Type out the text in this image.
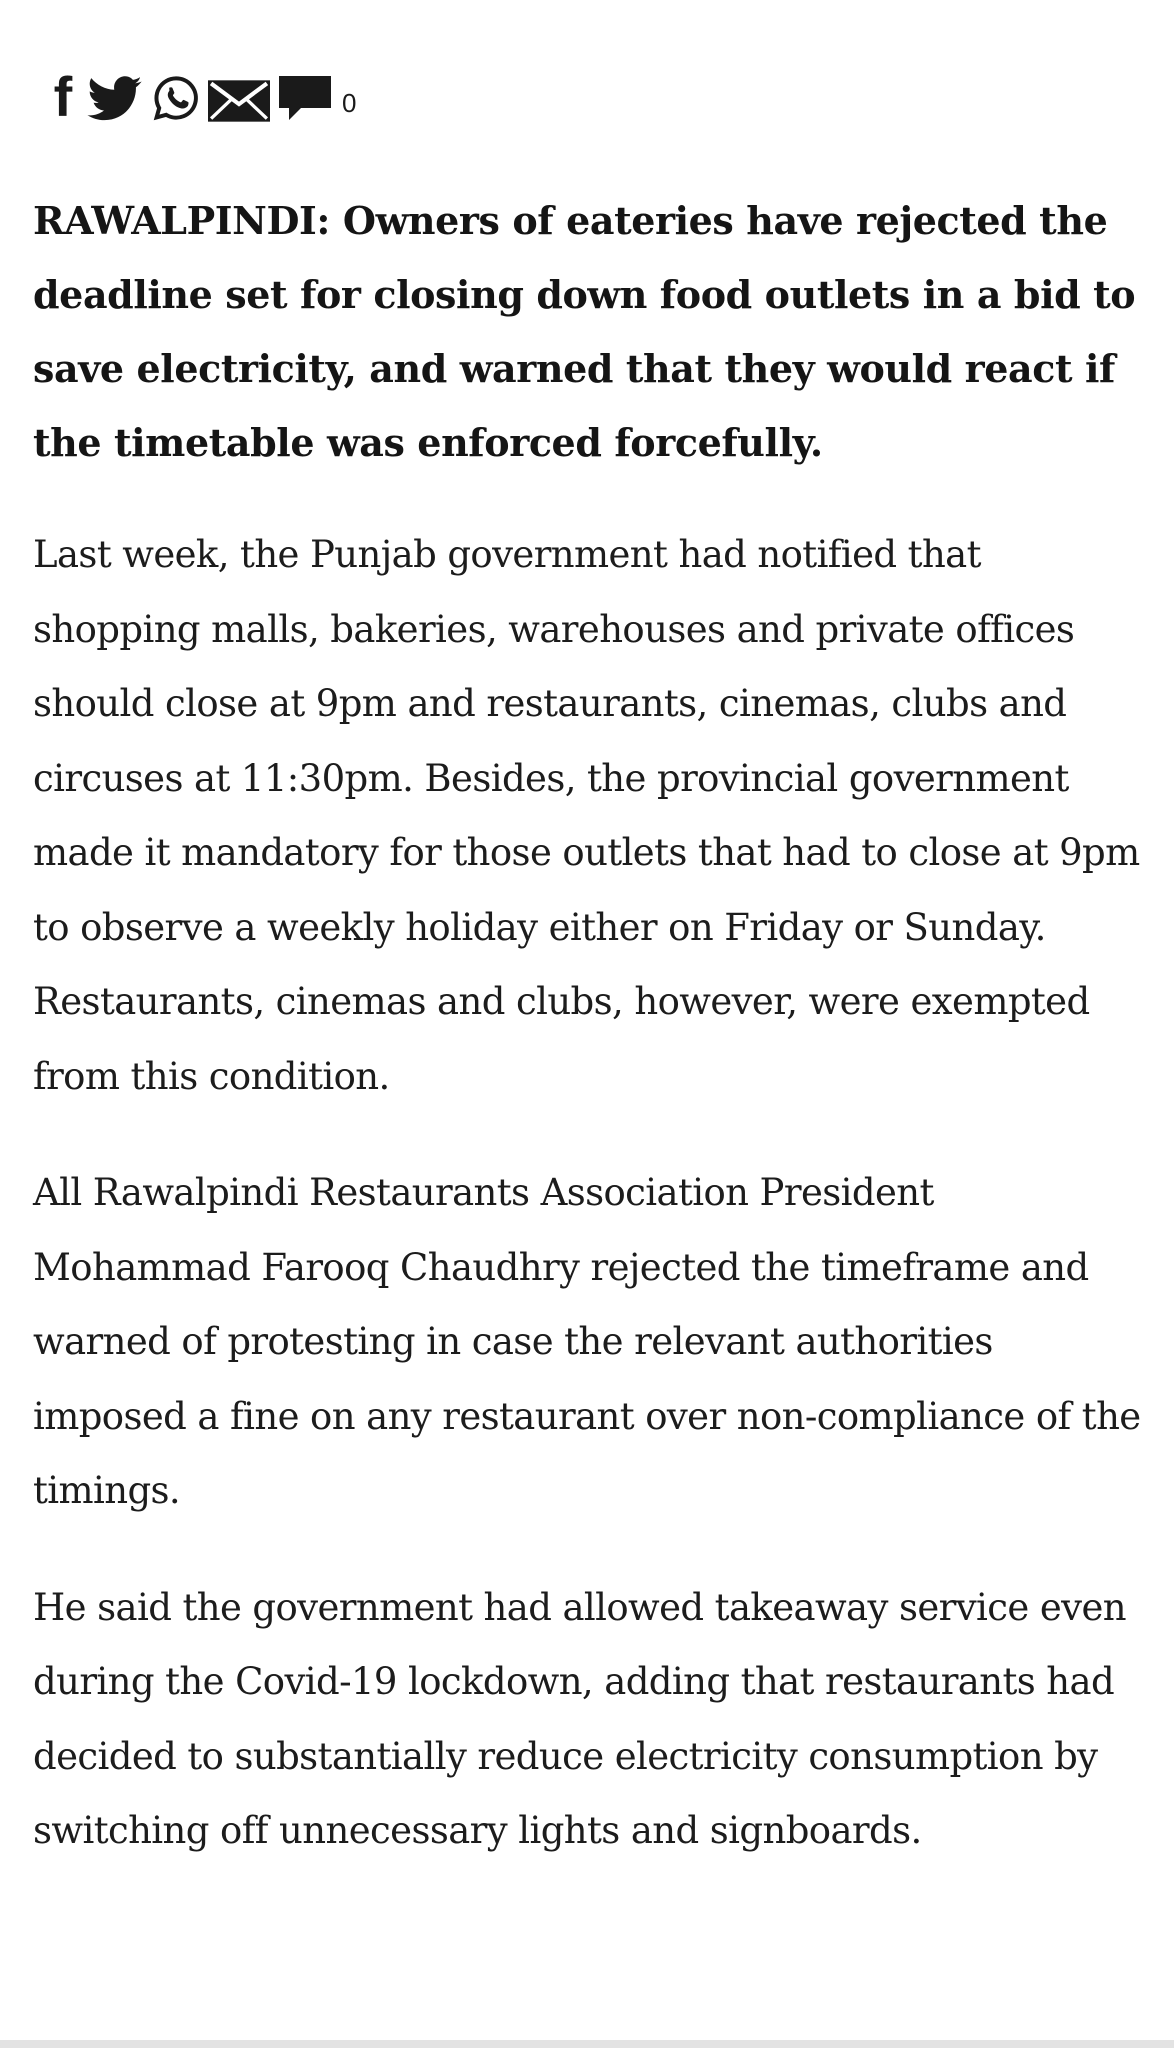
f	0

RAWALPINDI: Owners of eateries have rejected the deadline set for closing down food outlets in a bid to save electricity, and warned that they would react if the timetable was enforced forcefully.

Last week, the Punjab government had notified that shopping malls, bakeries, warehouses and private offices should close at 9pm and restaurants, cinemas, clubs and circuses at 11:30pm. Besides, the provincial government made it mandatory for those outlets that had to close at 9pm to observe a weekly holiday either on Friday or Sunday. Restaurants, cinemas and clubs, however, were exempted from this condition.

All Rawalpindi Restaurants Association President Mohammad Farooq Chaudhry rejected the timeframe and warned of protesting in case the relevant authorities imposed a fine on any restaurant over non-compliance of the timings.

He said the government had allowed takeaway service even during the Covid-19 lockdown, adding that restaurants had decided to substantially reduce electricity consumption by switching off unnecessary lights and signboards.
